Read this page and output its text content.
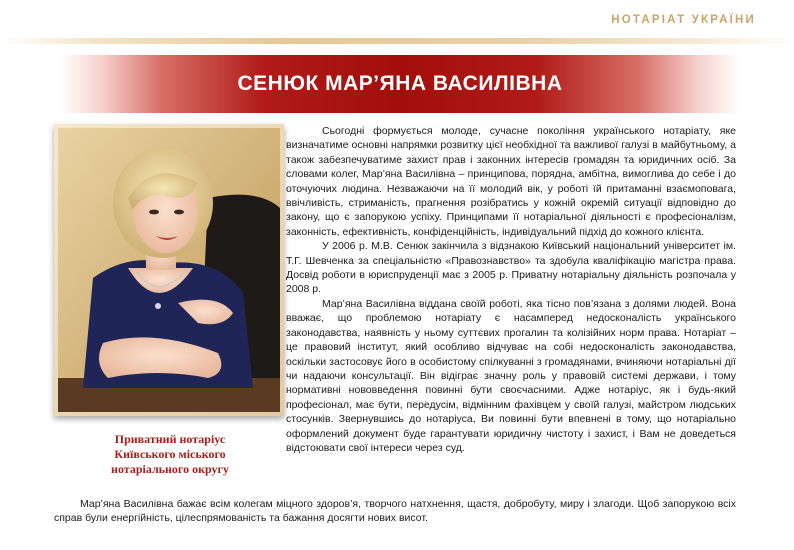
НОТАРІАТ УКРАЇНИ
СЕНЮК МАР’ЯНА ВАСИЛІВНА
Приватний нотаріус
Київського міського
нотаріального округу

Сьогодні формується молоде, сучасне покоління українського нотаріату, яке визначатиме основні напрямки розвитку цієї необхідної та важливої галузі в майбутньому, а також забезпечуватиме захист прав і законних інтересів громадян та юридичних осіб. За словами колег, Мар’яна Василівна – принципова, порядна, амбітна, вимоглива до себе і до оточуючих людина. Незважаючи на її молодий вік, у роботі їй притаманні взаємоповага, ввічливість, стриманість, прагнення розібратись у кожній окремій ситуації відповідно до закону, що є запорукою успіху. Принципами її нотаріальної діяльності є професіоналізм, законність, ефективність, конфіденційність, індивідуальний підхід до кожного клієнта.

У 2006 р. М.В. Сенюк закінчила з відзнакою Київський національний університет ім. Т.Г. Шевченка за спеціальністю «Правознавство» та здобула кваліфікацію магістра права. Досвід роботи в юриспруденції має з 2005 р. Приватну нотаріальну діяльність розпочала у 2008 р.

Мар’яна Василівна віддана своїй роботі, яка тісно пов’язана з долями людей. Вона вважає, що проблемою нотаріату є насамперед недосконалість українського законодавства, наявність у ньому суттєвих прогалин та колізійних норм права. Нотаріат – це правовий інститут, який особливо відчуває на собі недосконалість законодавства, оскільки застосовує його в особистому спілкуванні з громадянами, вчиняючи нотаріальні дії чи надаючи консультації. Він відіграє значну роль у правовій системі держави, і тому нормативні нововведення повинні бути своєчасними. Адже нотаріус, як і будь-який професіонал, має бути, передусім, відмінним фахівцем у своїй галузі, майстром людських стосунків. Звернувшись до нотаріуса, Ви повинні бути впевнені в тому, що нотаріально оформлений документ буде гарантувати юридичну чистоту і захист, і Вам не доведеться відстоювати свої інтереси через суд.

Мар’яна Василівна бажає всім колегам міцного здоров’я, творчого натхнення, щастя, добробуту, миру і злагоди. Щоб запорукою всіх справ були енергійність, цілеспрямованість та бажання досягти нових висот.
